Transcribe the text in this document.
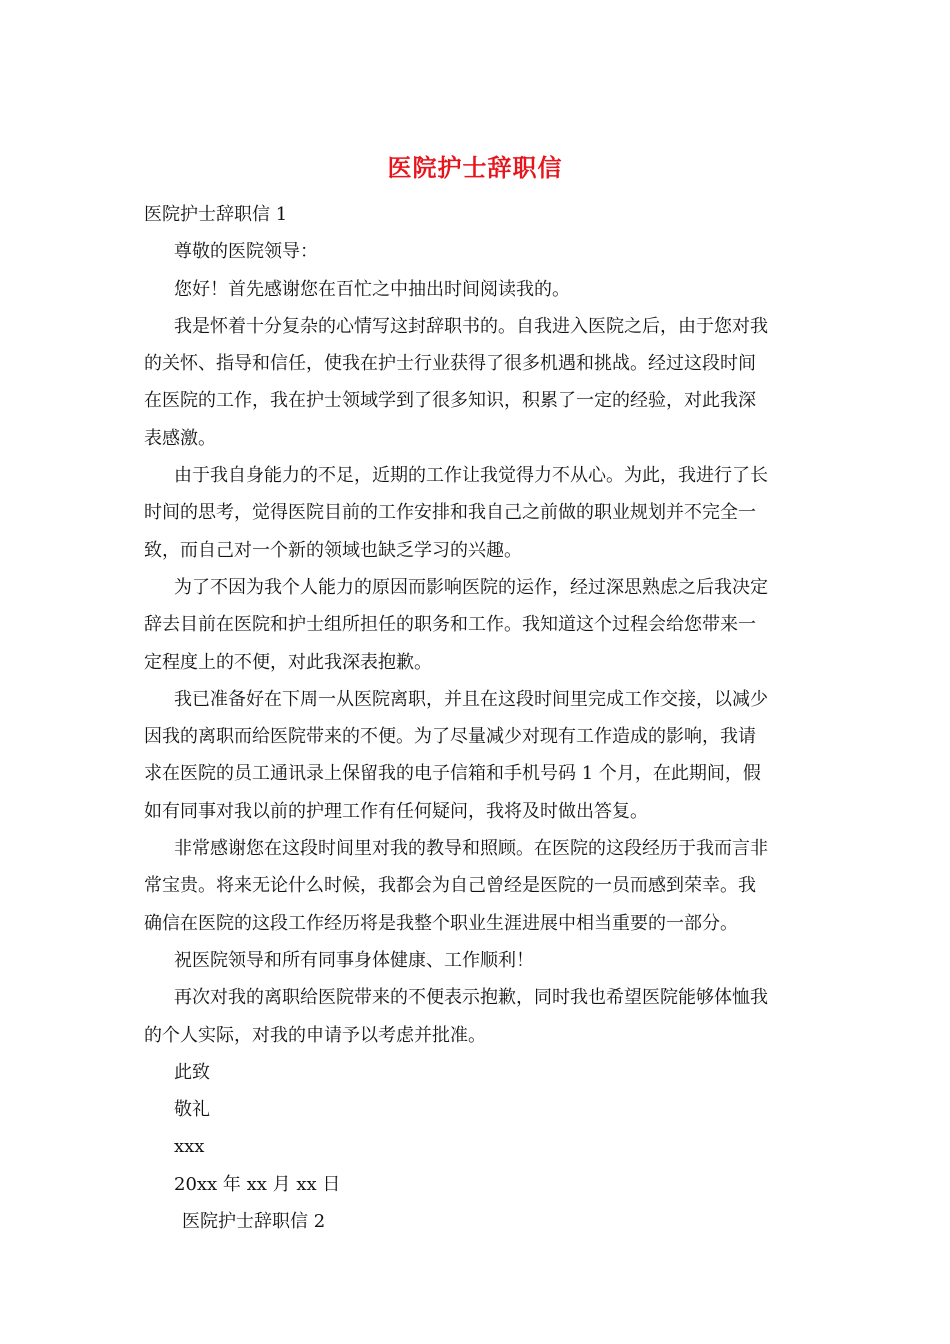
医院护士辞职信
医院护士辞职信 1
尊敬的医院领导：
您好！首先感谢您在百忙之中抽出时间阅读我的。
我是怀着十分复杂的心情写这封辞职书的。自我进入医院之后，由于您对我
的关怀、指导和信任，使我在护士行业获得了很多机遇和挑战。经过这段时间
在医院的工作，我在护士领域学到了很多知识，积累了一定的经验，对此我深
表感激。
由于我自身能力的不足，近期的工作让我觉得力不从心。为此，我进行了长
时间的思考，觉得医院目前的工作安排和我自己之前做的职业规划并不完全一
致，而自己对一个新的领域也缺乏学习的兴趣。
为了不因为我个人能力的原因而影响医院的运作，经过深思熟虑之后我决定
辞去目前在医院和护士组所担任的职务和工作。我知道这个过程会给您带来一
定程度上的不便，对此我深表抱歉。
我已准备好在下周一从医院离职，并且在这段时间里完成工作交接，以减少
因我的离职而给医院带来的不便。为了尽量减少对现有工作造成的影响，我请
求在医院的员工通讯录上保留我的电子信箱和手机号码 1 个月，在此期间，假
如有同事对我以前的护理工作有任何疑问，我将及时做出答复。
非常感谢您在这段时间里对我的教导和照顾。在医院的这段经历于我而言非
常宝贵。将来无论什么时候，我都会为自己曾经是医院的一员而感到荣幸。我
确信在医院的这段工作经历将是我整个职业生涯进展中相当重要的一部分。
祝医院领导和所有同事身体健康、工作顺利！
再次对我的离职给医院带来的不便表示抱歉，同时我也希望医院能够体恤我
的个人实际，对我的申请予以考虑并批准。
此致
敬礼
xxx
20xx 年 xx 月 xx 日
医院护士辞职信 2
